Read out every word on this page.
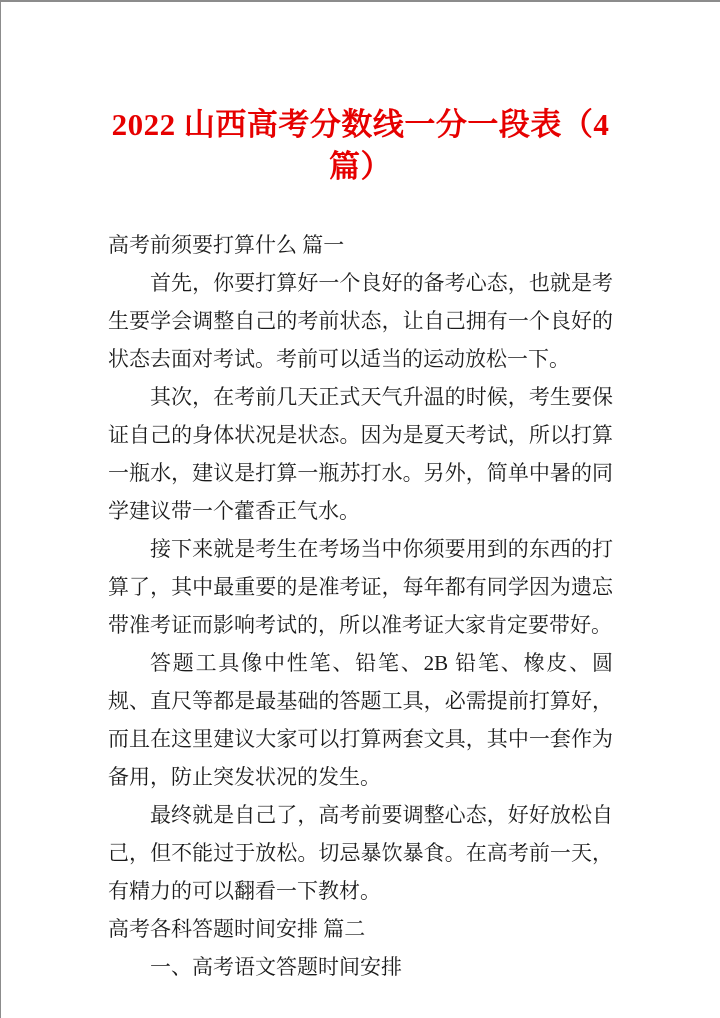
2022 山西高考分数线一分一段表（4 篇）

高考前须要打算什么 篇一

首先，你要打算好一个良好的备考心态，也就是考生要学会调整自己的考前状态，让自己拥有一个良好的状态去面对考试。考前可以适当的运动放松一下。

其次，在考前几天正式天气升温的时候，考生要保证自己的身体状况是状态。因为是夏天考试，所以打算一瓶水，建议是打算一瓶苏打水。另外，简单中暑的同学建议带一个藿香正气水。

接下来就是考生在考场当中你须要用到的东西的打算了，其中最重要的是准考证，每年都有同学因为遗忘带准考证而影响考试的，所以准考证大家肯定要带好。

答题工具像中性笔、铅笔、2B 铅笔、橡皮、圆规、直尺等都是最基础的答题工具，必需提前打算好，而且在这里建议大家可以打算两套文具，其中一套作为备用，防止突发状况的发生。

最终就是自己了，高考前要调整心态，好好放松自己，但不能过于放松。切忌暴饮暴食。在高考前一天，有精力的可以翻看一下教材。

高考各科答题时间安排 篇二

一、高考语文答题时间安排
